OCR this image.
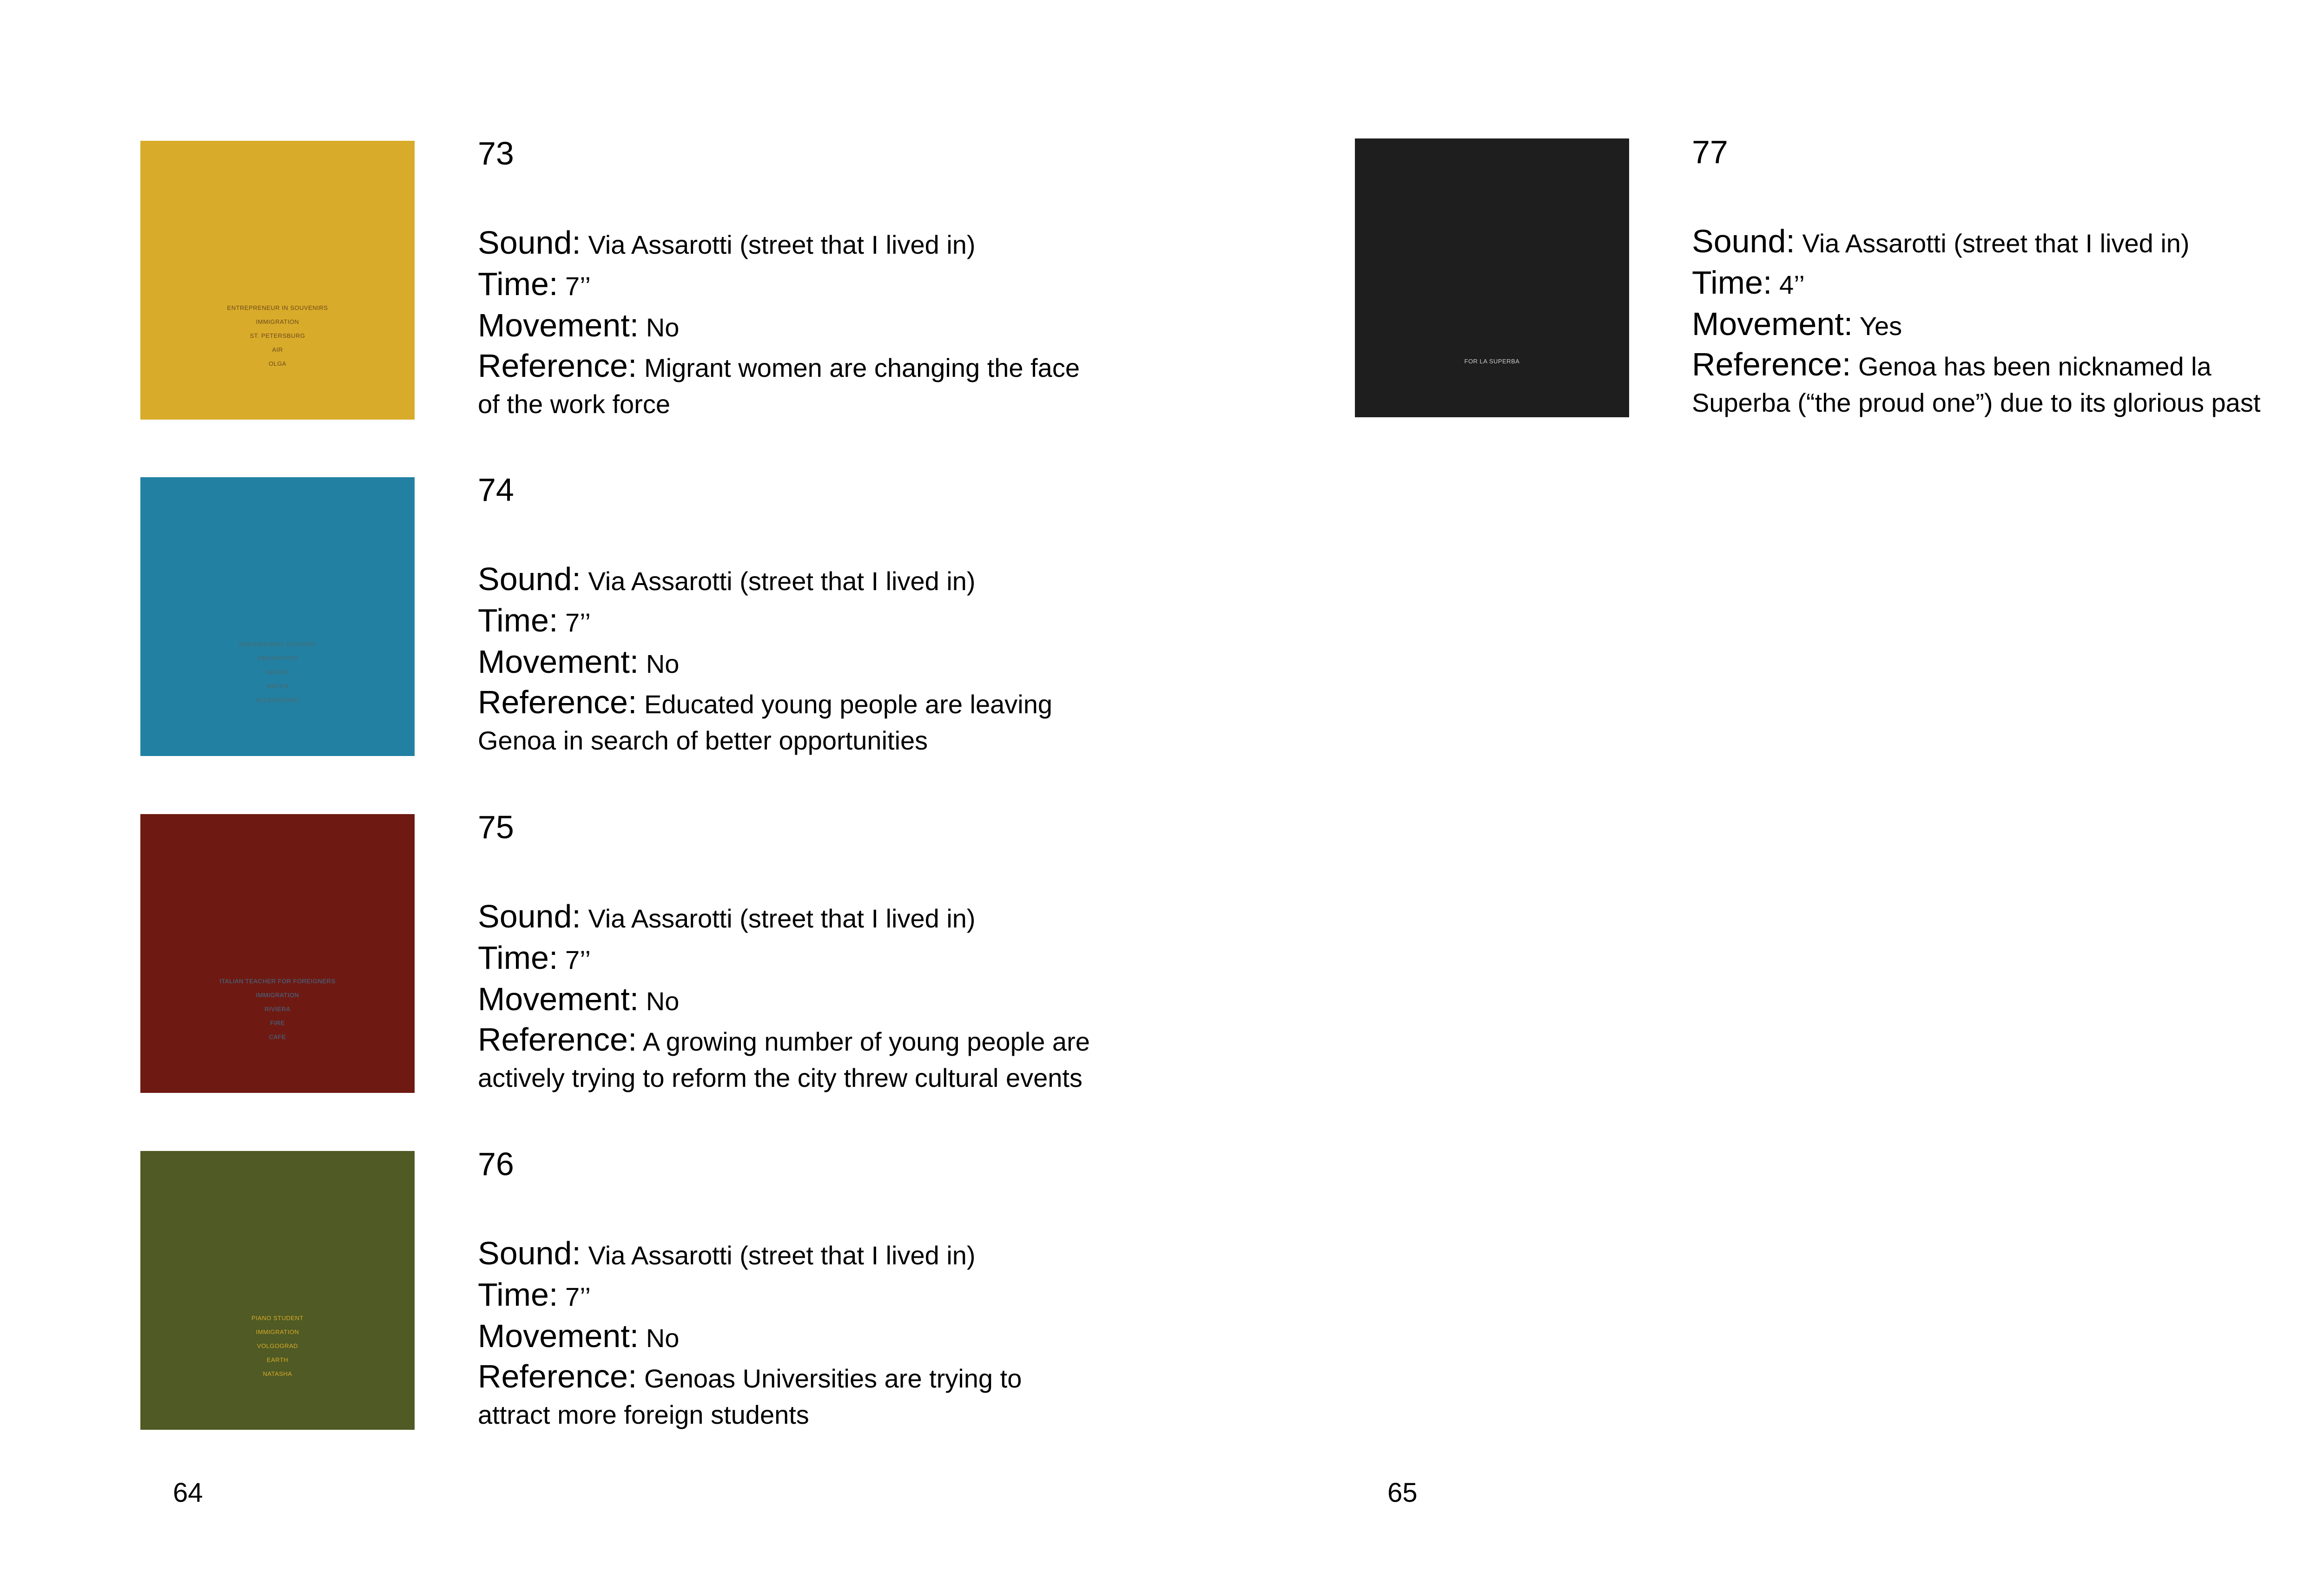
ENTREPRENEUR IN SOUVENIRS
IMMIGRATION
ST. PETERSBURG
AIR
OLGA
73
Sound: Via Assarotti (street that I lived in)
Time: 7’’
Movement: No
Reference: Migrant women are changing the face
of the work force
ENGINEERING STUDENT
EMIGRATION
GENOA
WATER
ALESSANDRO
74
Sound: Via Assarotti (street that I lived in)
Time: 7’’
Movement: No
Reference: Educated young people are leaving
Genoa in search of better opportunities
ITALIAN TEACHER FOR FOREIGNERS
IMMIGRATION
RIVIERA
FIRE
CAFE
75
Sound: Via Assarotti (street that I lived in)
Time: 7’’
Movement: No
Reference: A growing number of young people are
actively trying to reform the city threw cultural events
PIANO STUDENT
IMMIGRATION
VOLGOGRAD
EARTH
NATASHA
76
Sound: Via Assarotti (street that I lived in)
Time: 7’’
Movement: No
Reference: Genoas Universities are trying to
attract more foreign students
FOR LA SUPERBA
77
Sound: Via Assarotti (street that I lived in)
Time: 4’’
Movement: Yes
Reference: Genoa has been nicknamed la
Superba (“the proud one”) due to its glorious past
64	65
